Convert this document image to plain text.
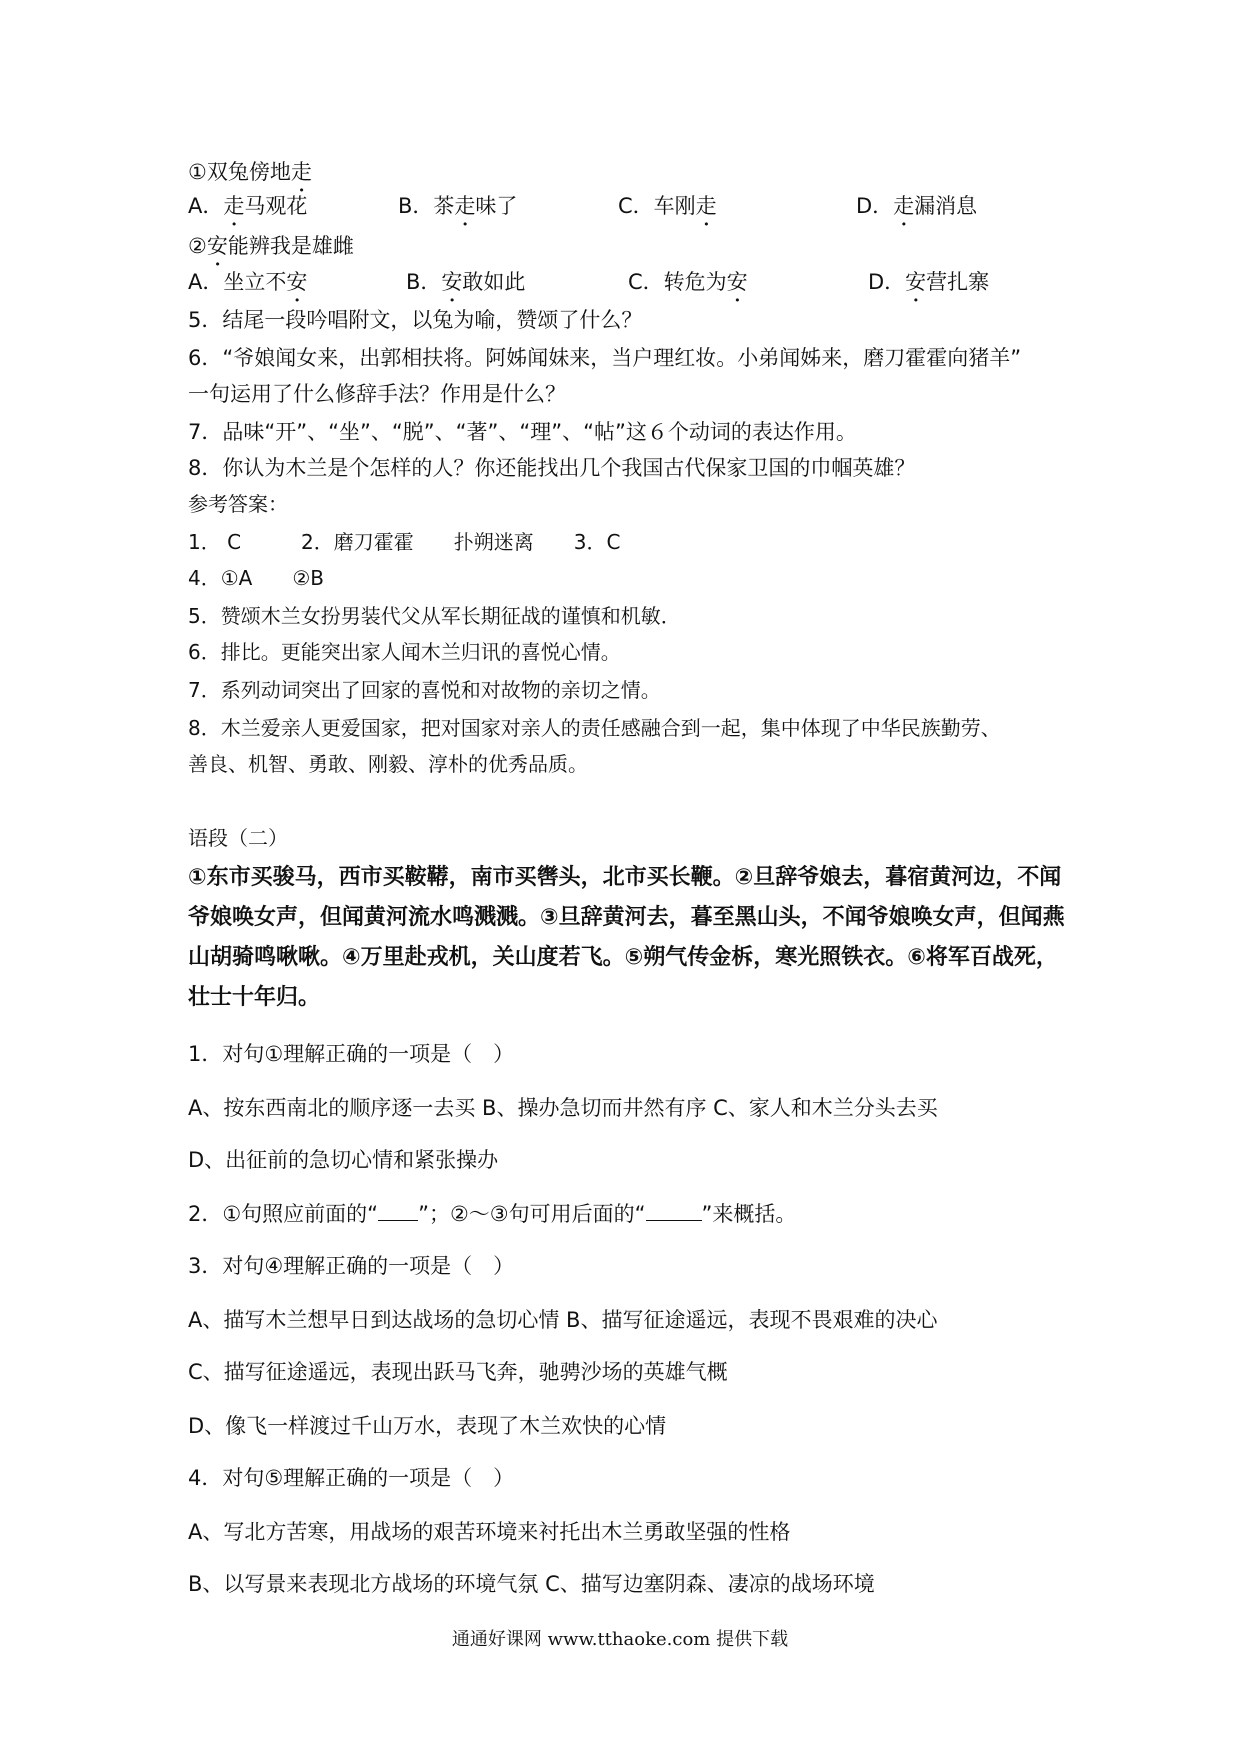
①双兔傍地走
A．走马观花	B．茶走味了	C．车刚走	D．走漏消息
②安能辨我是雄雌
A．坐立不安	B．安敢如此	C．转危为安	D．安营扎寨
5．结尾一段吟唱附文，以兔为喻，赞颂了什么？
6．“爷娘闻女来，出郭相扶将。阿姊闻妹来，当户理红妆。小弟闻姊来，磨刀霍霍向猪羊”
一句运用了什么修辞手法？作用是什么？
7．品味“开”、“坐”、“脱”、“著”、“理”、“帖”这６个动词的表达作用。
8．你认为木兰是个怎样的人？你还能找出几个我国古代保家卫国的巾帼英雄？
参考答案：
1． C　　　2．磨刀霍霍　　扑朔迷离　　3．C
4．①A　　②B
5．赞颂木兰女扮男装代父从军长期征战的谨慎和机敏．
6．排比。更能突出家人闻木兰归讯的喜悦心情。
7．系列动词突出了回家的喜悦和对故物的亲切之情。
8．木兰爱亲人更爱国家，把对国家对亲人的责任感融合到一起，集中体现了中华民族勤劳、
善良、机智、勇敢、刚毅、淳朴的优秀品质。
语段（二）
①东市买骏马，西市买鞍鞯，南市买辔头，北市买长鞭。②旦辞爷娘去，暮宿黄河边，不闻
爷娘唤女声，但闻黄河流水鸣溅溅。③旦辞黄河去，暮至黑山头，不闻爷娘唤女声，但闻燕
山胡骑鸣啾啾。④万里赴戎机，关山度若飞。⑤朔气传金柝，寒光照铁衣。⑥将军百战死，
壮士十年归。
1．对句①理解正确的一项是（　）
A、按东西南北的顺序逐一去买 B、操办急切而井然有序 C、家人和木兰分头去买
D、出征前的急切心情和紧张操办
2．①句照应前面的“ ”；②～③句可用后面的“	”来概括。
3．对句④理解正确的一项是（　）
A、描写木兰想早日到达战场的急切心情 B、描写征途遥远，表现不畏艰难的决心
C、描写征途遥远，表现出跃马飞奔，驰骋沙场的英雄气概
D、像飞一样渡过千山万水，表现了木兰欢快的心情
4．对句⑤理解正确的一项是（　）
A、写北方苦寒，用战场的艰苦环境来衬托出木兰勇敢坚强的性格
B、以写景来表现北方战场的环境气氛 C、描写边塞阴森、凄凉的战场环境
通通好课网 www.tthaoke.com 提供下载
